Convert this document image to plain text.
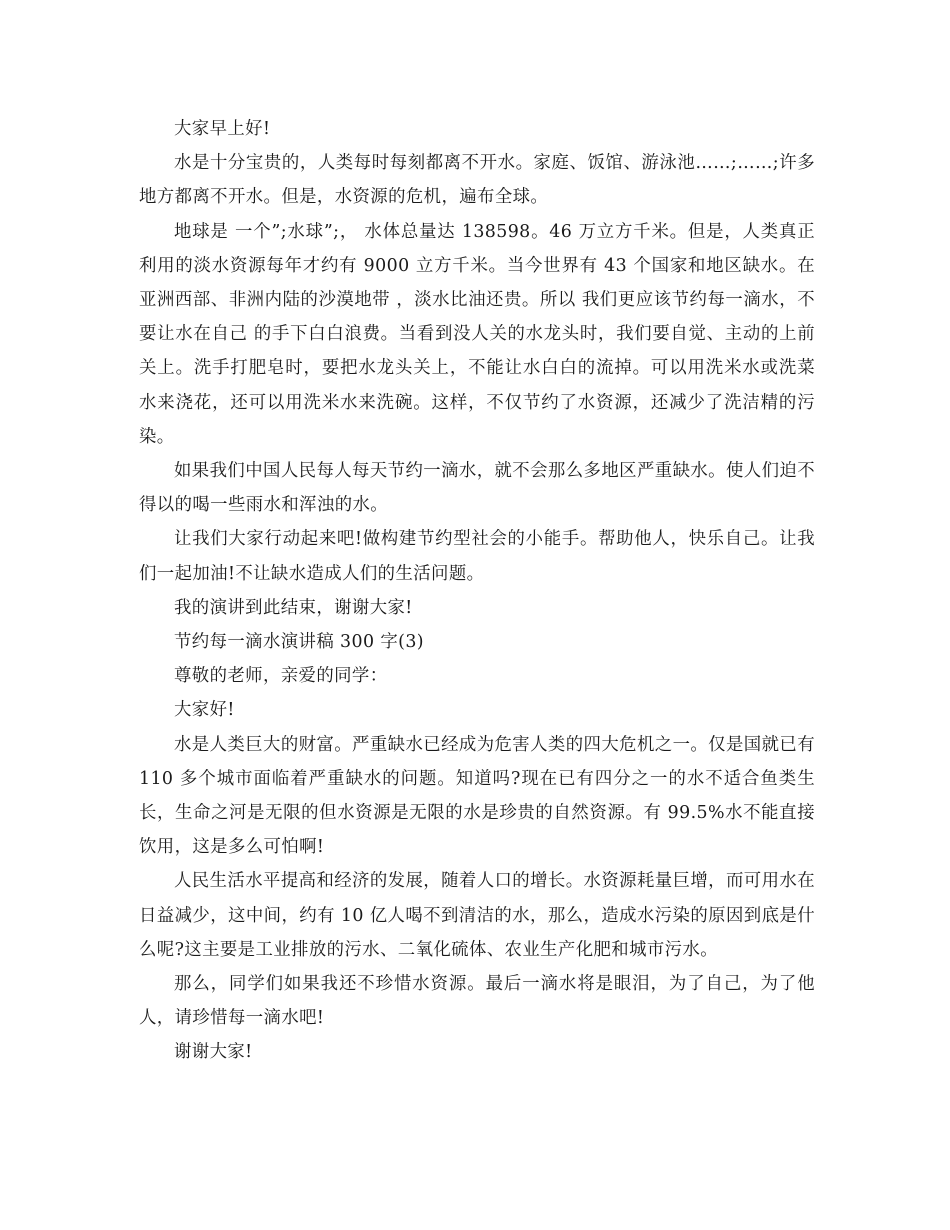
大家早上好!

水是十分宝贵的，人类每时每刻都离不开水。家庭、饭馆、游泳池……;……;许多地方都离不开水。但是，水资源的危机，遍布全球。

地球是 一个”;水球”;， 水体总量达 138598。46 万立方千米。但是，人类真正利用的淡水资源每年才约有 9000 立方千米。当今世界有 43 个国家和地区缺水。在亚洲西部、非洲内陆的沙漠地带 ，淡水比油还贵。所以 我们更应该节约每一滴水，不要让水在自己 的手下白白浪费。当看到没人关的水龙头时，我们要自觉、主动的上前关上。洗手打肥皂时，要把水龙头关上，不能让水白白的流掉。可以用洗米水或洗菜水来浇花，还可以用洗米水来洗碗。这样，不仅节约了水资源，还减少了洗洁精的污染。

如果我们中国人民每人每天节约一滴水，就不会那么多地区严重缺水。使人们迫不得以的喝一些雨水和浑浊的水。

让我们大家行动起来吧!做构建节约型社会的小能手。帮助他人，快乐自己。让我们一起加油!不让缺水造成人们的生活问题。

我的演讲到此结束，谢谢大家!

节约每一滴水演讲稿 300 字(3)

尊敬的老师，亲爱的同学：

大家好!

水是人类巨大的财富。严重缺水已经成为危害人类的四大危机之一。仅是国就已有 110 多个城市面临着严重缺水的问题。知道吗?现在已有四分之一的水不适合鱼类生长，生命之河是无限的但水资源是无限的水是珍贵的自然资源。有 99.5%水不能直接饮用，这是多么可怕啊!

人民生活水平提高和经济的发展，随着人口的增长。水资源耗量巨增，而可用水在日益减少，这中间，约有 10 亿人喝不到清洁的水，那么，造成水污染的原因到底是什么呢?这主要是工业排放的污水、二氧化硫体、农业生产化肥和城市污水。

那么，同学们如果我还不珍惜水资源。最后一滴水将是眼泪，为了自己，为了他人，请珍惜每一滴水吧!

谢谢大家!
